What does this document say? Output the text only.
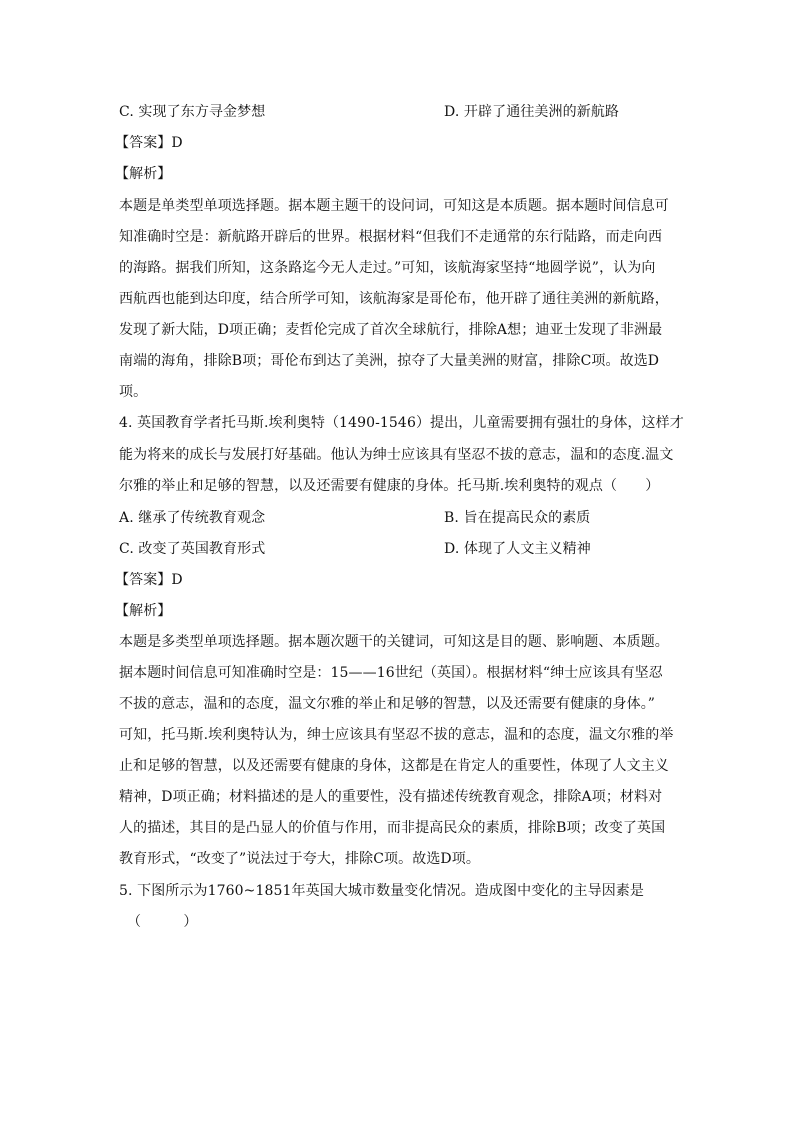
C. 实现了东方寻金梦想	D. 开辟了通往美洲的新航路
【答案】D
【解析】
本题是单类型单项选择题。据本题主题干的设问词，可知这是本质题。据本题时间信息可
知准确时空是：新航路开辟后的世界。根据材料“但我们不走通常的东行陆路，而走向西
的海路。据我们所知，这条路迄今无人走过。”可知，该航海家坚持“地圆学说”，认为向
西航西也能到达印度，结合所学可知，该航海家是哥伦布，他开辟了通往美洲的新航路，
发现了新大陆，D项正确；麦哲伦完成了首次全球航行，排除A想；迪亚士发现了非洲最
南端的海角，排除B项；哥伦布到达了美洲，掠夺了大量美洲的财富，排除C项。故选D
项。
4. 英国教育学者托马斯.埃利奥特（1490-1546）提出，儿童需要拥有强壮的身体，这样才
能为将来的成长与发展打好基础。他认为绅士应该具有坚忍不拔的意志，温和的态度.温文
尔雅的举止和足够的智慧，以及还需要有健康的身体。托马斯.埃利奥特的观点（　　）
A. 继承了传统教育观念	B. 旨在提高民众的素质
C. 改变了英国教育形式	D. 体现了人文主义精神
【答案】D
【解析】
本题是多类型单项选择题。据本题次题干的关键词，可知这是目的题、影响题、本质题。
据本题时间信息可知准确时空是：15——16世纪（英国）。根据材料“绅士应该具有坚忍
不拔的意志，温和的态度，温文尔雅的举止和足够的智慧，以及还需要有健康的身体。”
可知，托马斯.埃利奥特认为，绅士应该具有坚忍不拔的意志，温和的态度，温文尔雅的举
止和足够的智慧，以及还需要有健康的身体，这都是在肯定人的重要性，体现了人文主义
精神，D项正确；材料描述的是人的重要性，没有描述传统教育观念，排除A项；材料对
人的描述，其目的是凸显人的价值与作用，而非提高民众的素质，排除B项；改变了英国
教育形式，“改变了”说法过于夸大，排除C项。故选D项。
5. 下图所示为1760~1851年英国大城市数量变化情况。造成图中变化的主导因素是
（　　　）
